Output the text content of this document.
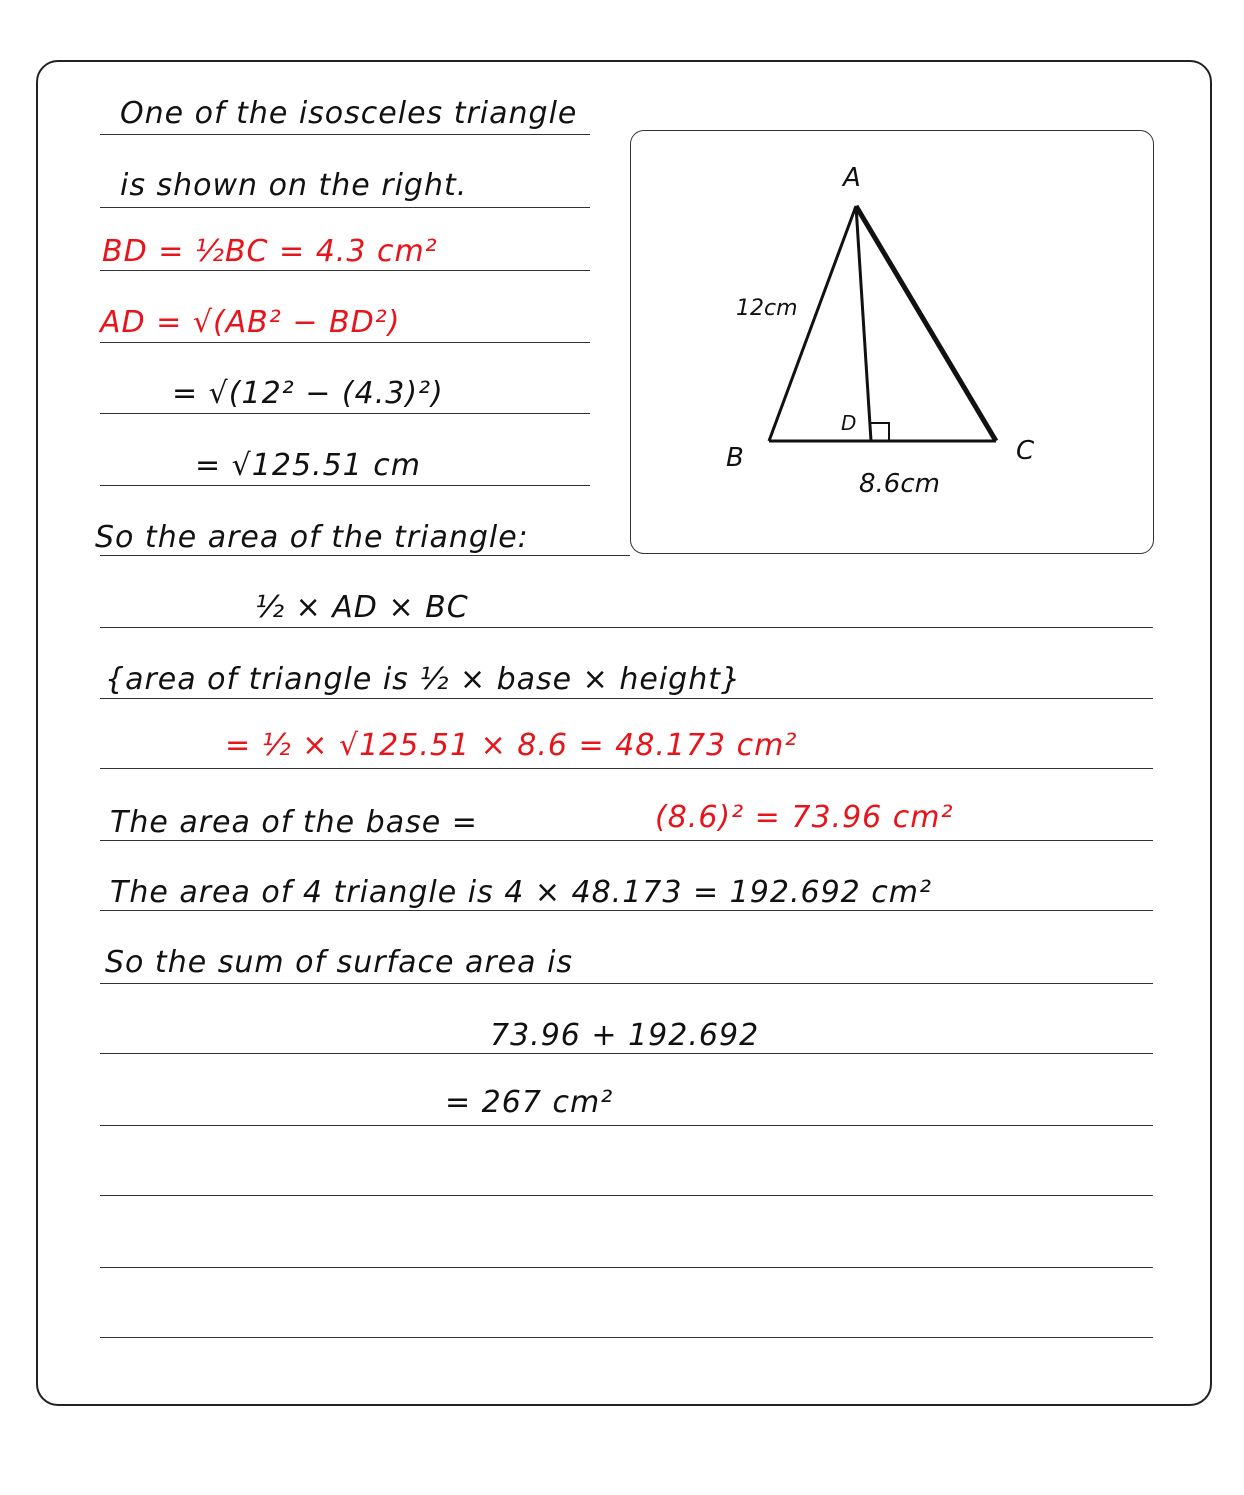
One of the isosceles triangle
is shown on the right.
BD = ½BC = 4.3 cm²
AD = √(AB² − BD²)
= √(12² − (4.3)²)
= √125.51 cm
So the area of the triangle:
½ × AD × BC
{area of triangle is ½ × base × height}
= ½ × √125.51 × 8.6 = 48.173 cm²
The area of the base =	(8.6)² = 73.96 cm²
The area of 4 triangle is 4 × 48.173 = 192.692 cm²
So the sum of surface area is
73.96 + 192.692
= 267 cm²
A
B	C
D
12cm
8.6cm
